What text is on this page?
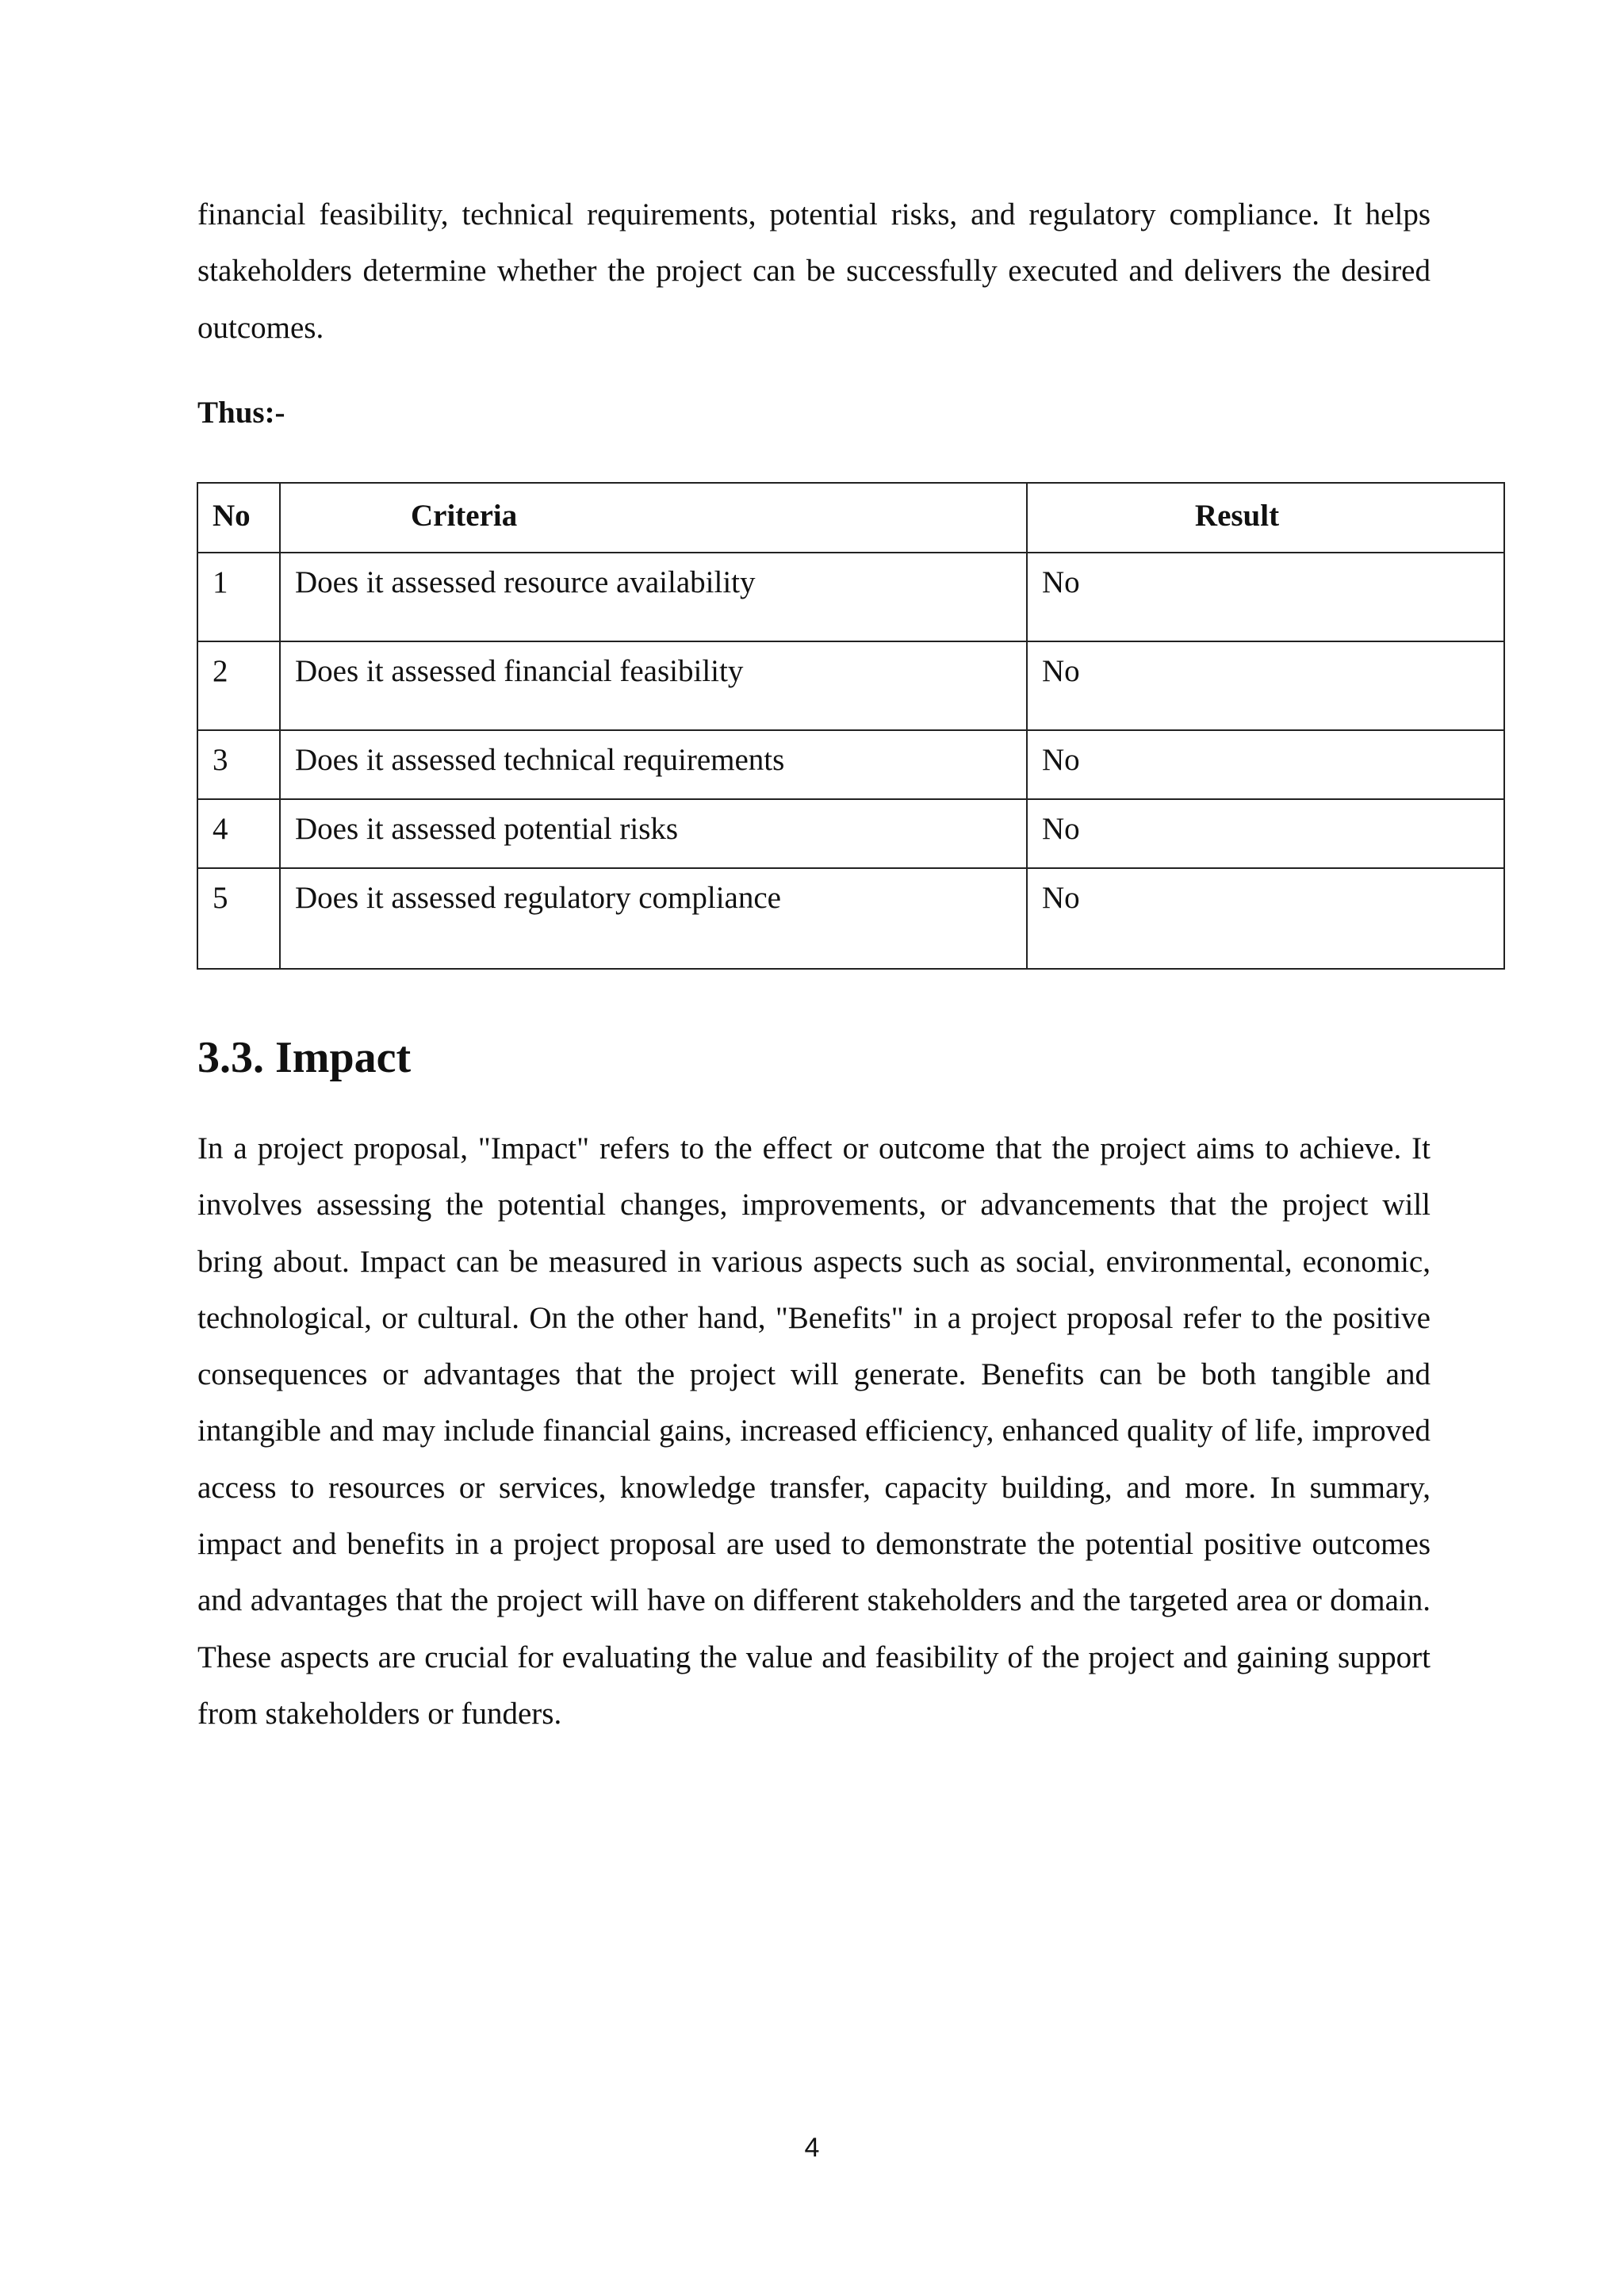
financial feasibility, technical requirements, potential risks, and regulatory compliance. It helps stakeholders determine whether the project can be successfully executed and delivers the desired outcomes.

Thus:-

No	Criteria	Result
1	Does it assessed resource availability	No
2	Does it assessed financial feasibility	No
3	Does it assessed technical requirements	No
4	Does it assessed potential risks	No
5	Does it assessed regulatory compliance	No
3.3. Impact

In a project proposal, "Impact" refers to the effect or outcome that the project aims to achieve. It involves assessing the potential changes, improvements, or advancements that the project will bring about. Impact can be measured in various aspects such as social, environmental, economic, technological, or cultural. On the other hand, "Benefits" in a project proposal refer to the positive consequences or advantages that the project will generate. Benefits can be both tangible and intangible and may include financial gains, increased efficiency, enhanced quality of life, improved access to resources or services, knowledge transfer, capacity building, and more. In summary, impact and benefits in a project proposal are used to demonstrate the potential positive outcomes and advantages that the project will have on different stakeholders and the targeted area or domain. These aspects are crucial for evaluating the value and feasibility of the project and gaining support from stakeholders or funders.

4
